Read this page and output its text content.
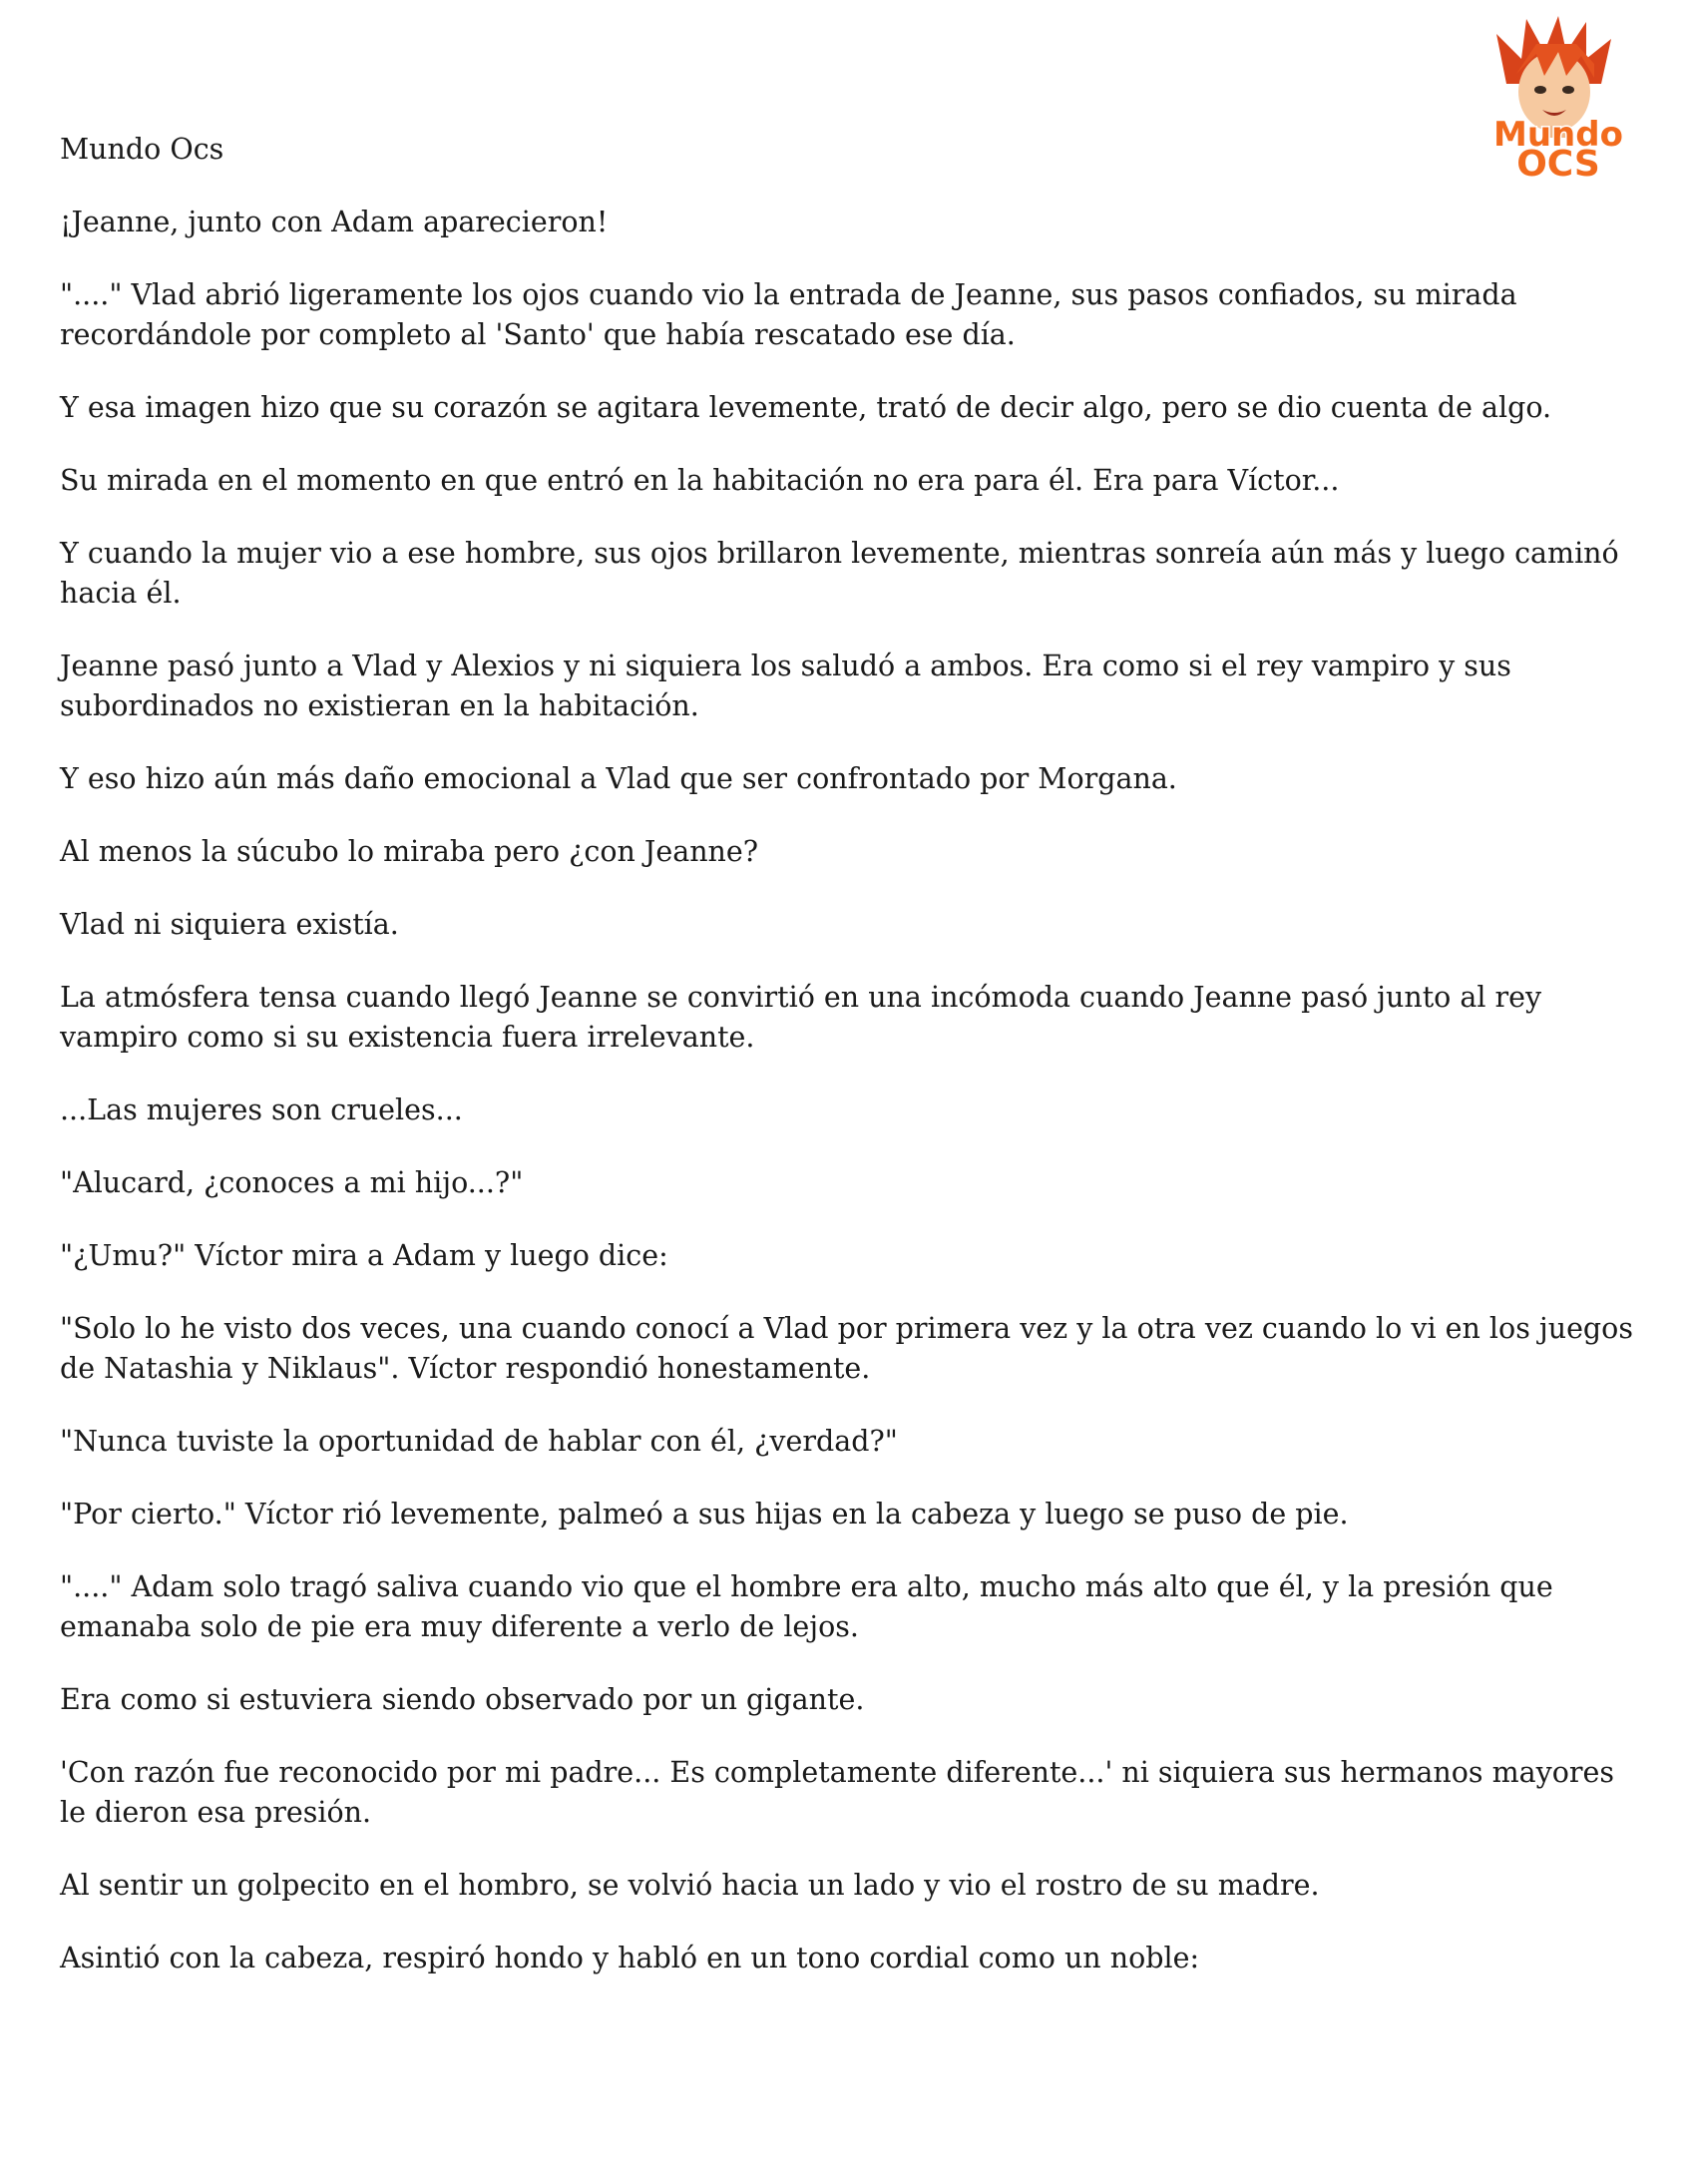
Mundo
OCS

Mundo Ocs

¡Jeanne, junto con Adam aparecieron!

"...." Vlad abrió ligeramente los ojos cuando vio la entrada de Jeanne, sus pasos confiados, su mirada recordándole por completo al 'Santo' que había rescatado ese día.

Y esa imagen hizo que su corazón se agitara levemente, trató de decir algo, pero se dio cuenta de algo.

Su mirada en el momento en que entró en la habitación no era para él. Era para Víctor...

Y cuando la mujer vio a ese hombre, sus ojos brillaron levemente, mientras sonreía aún más y luego caminó hacia él.

Jeanne pasó junto a Vlad y Alexios y ni siquiera los saludó a ambos. Era como si el rey vampiro y sus subordinados no existieran en la habitación.

Y eso hizo aún más daño emocional a Vlad que ser confrontado por Morgana.

Al menos la súcubo lo miraba pero ¿con Jeanne?

Vlad ni siquiera existía.

La atmósfera tensa cuando llegó Jeanne se convirtió en una incómoda cuando Jeanne pasó junto al rey vampiro como si su existencia fuera irrelevante.

...Las mujeres son crueles...

"Alucard, ¿conoces a mi hijo...?"

"¿Umu?" Víctor mira a Adam y luego dice:

"Solo lo he visto dos veces, una cuando conocí a Vlad por primera vez y la otra vez cuando lo vi en los juegos de Natashia y Niklaus". Víctor respondió honestamente.

"Nunca tuviste la oportunidad de hablar con él, ¿verdad?"

"Por cierto." Víctor rió levemente, palmeó a sus hijas en la cabeza y luego se puso de pie.

"...." Adam solo tragó saliva cuando vio que el hombre era alto, mucho más alto que él, y la presión que emanaba solo de pie era muy diferente a verlo de lejos.

Era como si estuviera siendo observado por un gigante.

'Con razón fue reconocido por mi padre... Es completamente diferente...' ni siquiera sus hermanos mayores le dieron esa presión.

Al sentir un golpecito en el hombro, se volvió hacia un lado y vio el rostro de su madre.

Asintió con la cabeza, respiró hondo y habló en un tono cordial como un noble:
